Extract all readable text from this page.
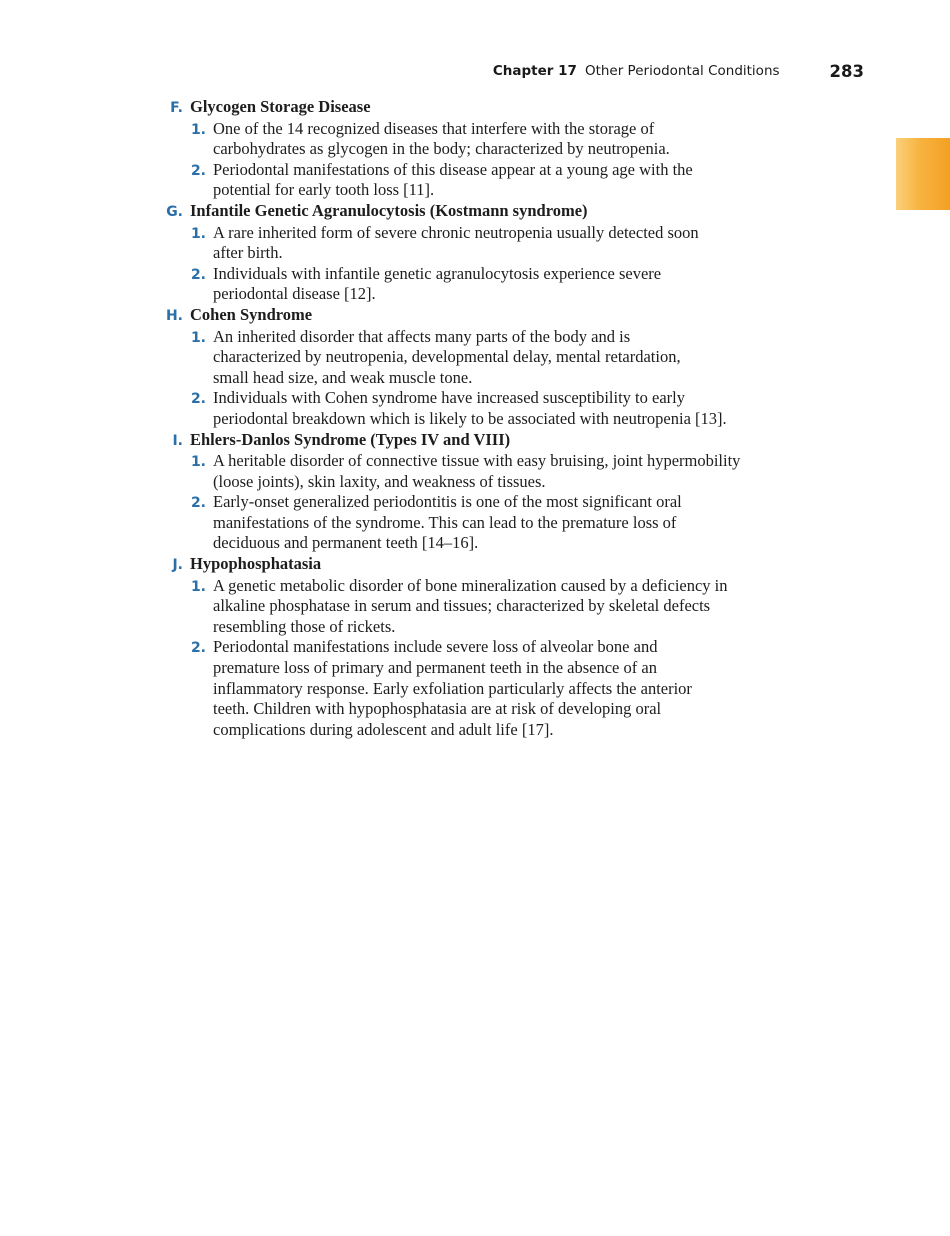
Chapter 17 Other Periodontal Conditions	283
F. Glycogen Storage Disease
1. One of the 14 recognized diseases that interfere with the storage of
carbohydrates as glycogen in the body; characterized by neutropenia.
2. Periodontal manifestations of this disease appear at a young age with the
potential for early tooth loss [11].
G. Infantile Genetic Agranulocytosis (Kostmann syndrome)
1. A rare inherited form of severe chronic neutropenia usually detected soon
after birth.
2. Individuals with infantile genetic agranulocytosis experience severe
periodontal disease [12].
H. Cohen Syndrome
1. An inherited disorder that affects many parts of the body and is
characterized by neutropenia, developmental delay, mental retardation,
small head size, and weak muscle tone.
2. Individuals with Cohen syndrome have increased susceptibility to early
periodontal breakdown which is likely to be associated with neutropenia [13].
I. Ehlers-Danlos Syndrome (Types IV and VIII)
1. A heritable disorder of connective tissue with easy bruising, joint hypermobility
(loose joints), skin laxity, and weakness of tissues.
2. Early-onset generalized periodontitis is one of the most significant oral
manifestations of the syndrome. This can lead to the premature loss of
deciduous and permanent teeth [14–16].
J. Hypophosphatasia
1. A genetic metabolic disorder of bone mineralization caused by a deficiency in
alkaline phosphatase in serum and tissues; characterized by skeletal defects
resembling those of rickets.
2. Periodontal manifestations include severe loss of alveolar bone and
premature loss of primary and permanent teeth in the absence of an
inflammatory response. Early exfoliation particularly affects the anterior
teeth. Children with hypophosphatasia are at risk of developing oral
complications during adolescent and adult life [17].
